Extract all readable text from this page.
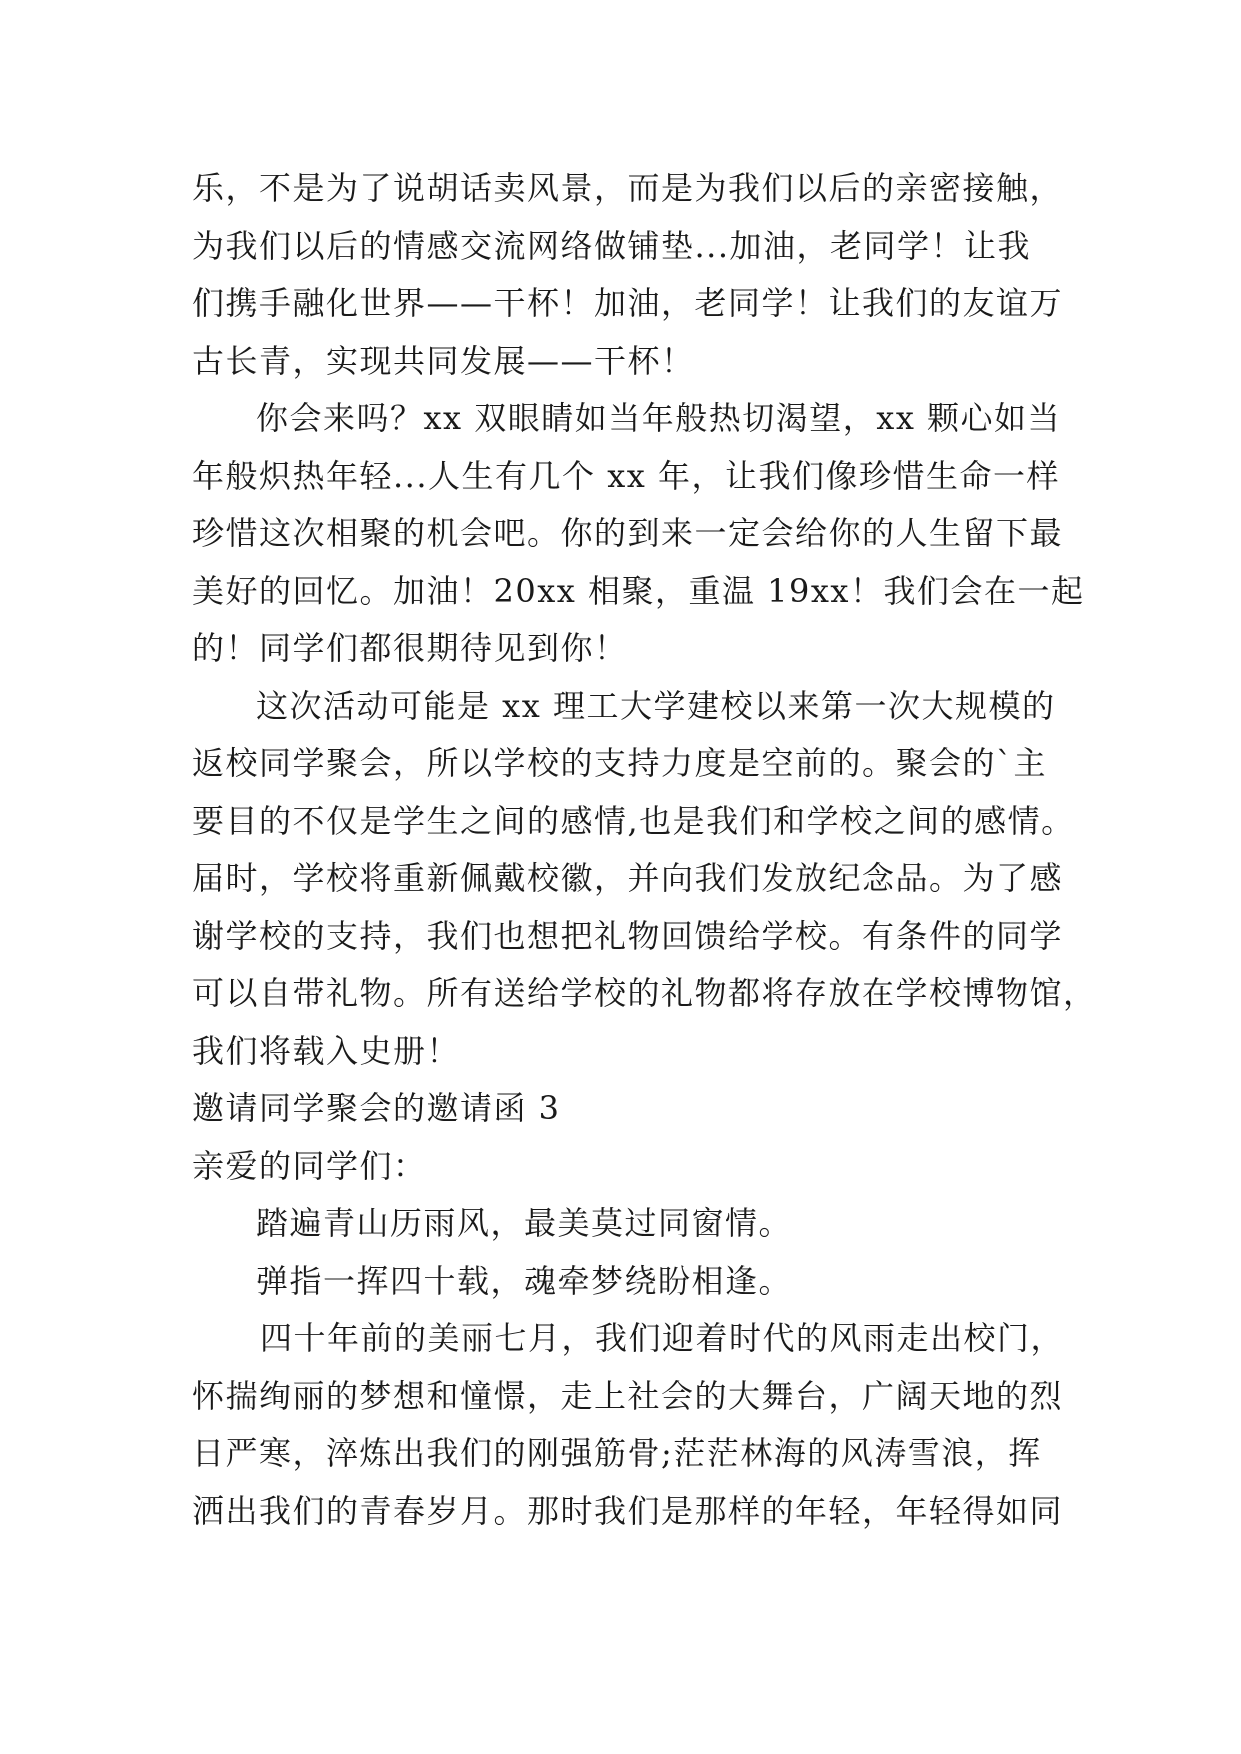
乐，不是为了说胡话卖风景，而是为我们以后的亲密接触，
为我们以后的情感交流网络做铺垫...加油，老同学！让我
们携手融化世界——干杯！加油，老同学！让我们的友谊万
古长青，实现共同发展——干杯！
你会来吗？xx 双眼睛如当年般热切渴望，xx 颗心如当
年般炽热年轻...人生有几个 xx 年，让我们像珍惜生命一样
珍惜这次相聚的机会吧。你的到来一定会给你的人生留下最
美好的回忆。加油！20xx 相聚，重温 19xx！我们会在一起
的！同学们都很期待见到你！
这次活动可能是 xx 理工大学建校以来第一次大规模的
返校同学聚会，所以学校的支持力度是空前的。聚会的`主
要目的不仅是学生之间的感情,也是我们和学校之间的感情。
届时，学校将重新佩戴校徽，并向我们发放纪念品。为了感
谢学校的支持，我们也想把礼物回馈给学校。有条件的同学
可以自带礼物。所有送给学校的礼物都将存放在学校博物馆，
我们将载入史册！
邀请同学聚会的邀请函 3
亲爱的同学们：
踏遍青山历雨风，最美莫过同窗情。
弹指一挥四十载，魂牵梦绕盼相逢。
四十年前的美丽七月，我们迎着时代的风雨走出校门，
怀揣绚丽的梦想和憧憬，走上社会的大舞台，广阔天地的烈
日严寒，淬炼出我们的刚强筋骨;茫茫林海的风涛雪浪，挥
洒出我们的青春岁月。那时我们是那样的年轻，年轻得如同
